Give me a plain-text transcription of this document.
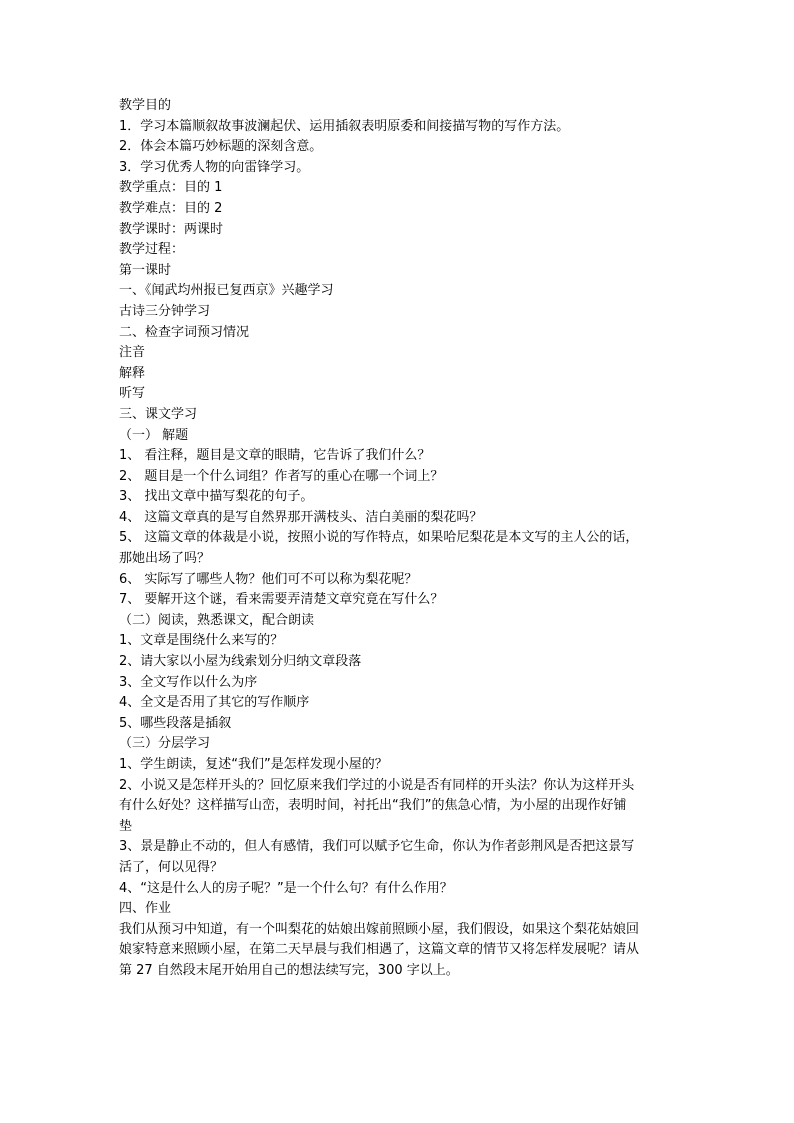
教学目的

1．学习本篇顺叙故事波澜起伏、运用插叙表明原委和间接描写物的写作方法。

2．体会本篇巧妙标题的深刻含意。

3．学习优秀人物的向雷锋学习。

教学重点：目的 1

教学难点：目的 2

教学课时：两课时

教学过程：

第一课时

一、《闻武均州报已复西京》兴趣学习

古诗三分钟学习

二、检查字词预习情况

注音

解释

听写

三、课文学习

（一） 解题

1、 看注释，题目是文章的眼睛，它告诉了我们什么？

2、 题目是一个什么词组？作者写的重心在哪一个词上？

3、 找出文章中描写梨花的句子。

4、 这篇文章真的是写自然界那开满枝头、洁白美丽的梨花吗？

5、 这篇文章的体裁是小说，按照小说的写作特点，如果哈尼梨花是本文写的主人公的话，

那她出场了吗？

6、 实际写了哪些人物？他们可不可以称为梨花呢？

7、 要解开这个谜，看来需要弄清楚文章究竟在写什么？

（二）阅读，熟悉课文，配合朗读

1、文章是围绕什么来写的？

2、请大家以小屋为线索划分归纳文章段落

3、全文写作以什么为序

4、全文是否用了其它的写作顺序

5、哪些段落是插叙

（三）分层学习

1、学生朗读，复述“我们”是怎样发现小屋的？

2、小说又是怎样开头的？回忆原来我们学过的小说是否有同样的开头法？你认为这样开头

有什么好处？这样描写山峦，表明时间，衬托出“我们”的焦急心情，为小屋的出现作好铺

垫

3、景是静止不动的，但人有感情，我们可以赋予它生命，你认为作者彭荆风是否把这景写

活了，何以见得？

4、“这是什么人的房子呢？”是一个什么句？有什么作用？

四、作业

我们从预习中知道，有一个叫梨花的姑娘出嫁前照顾小屋，我们假设，如果这个梨花姑娘回

娘家特意来照顾小屋，在第二天早晨与我们相遇了，这篇文章的情节又将怎样发展呢？请从

第 27 自然段末尾开始用自己的想法续写完，300 字以上。
